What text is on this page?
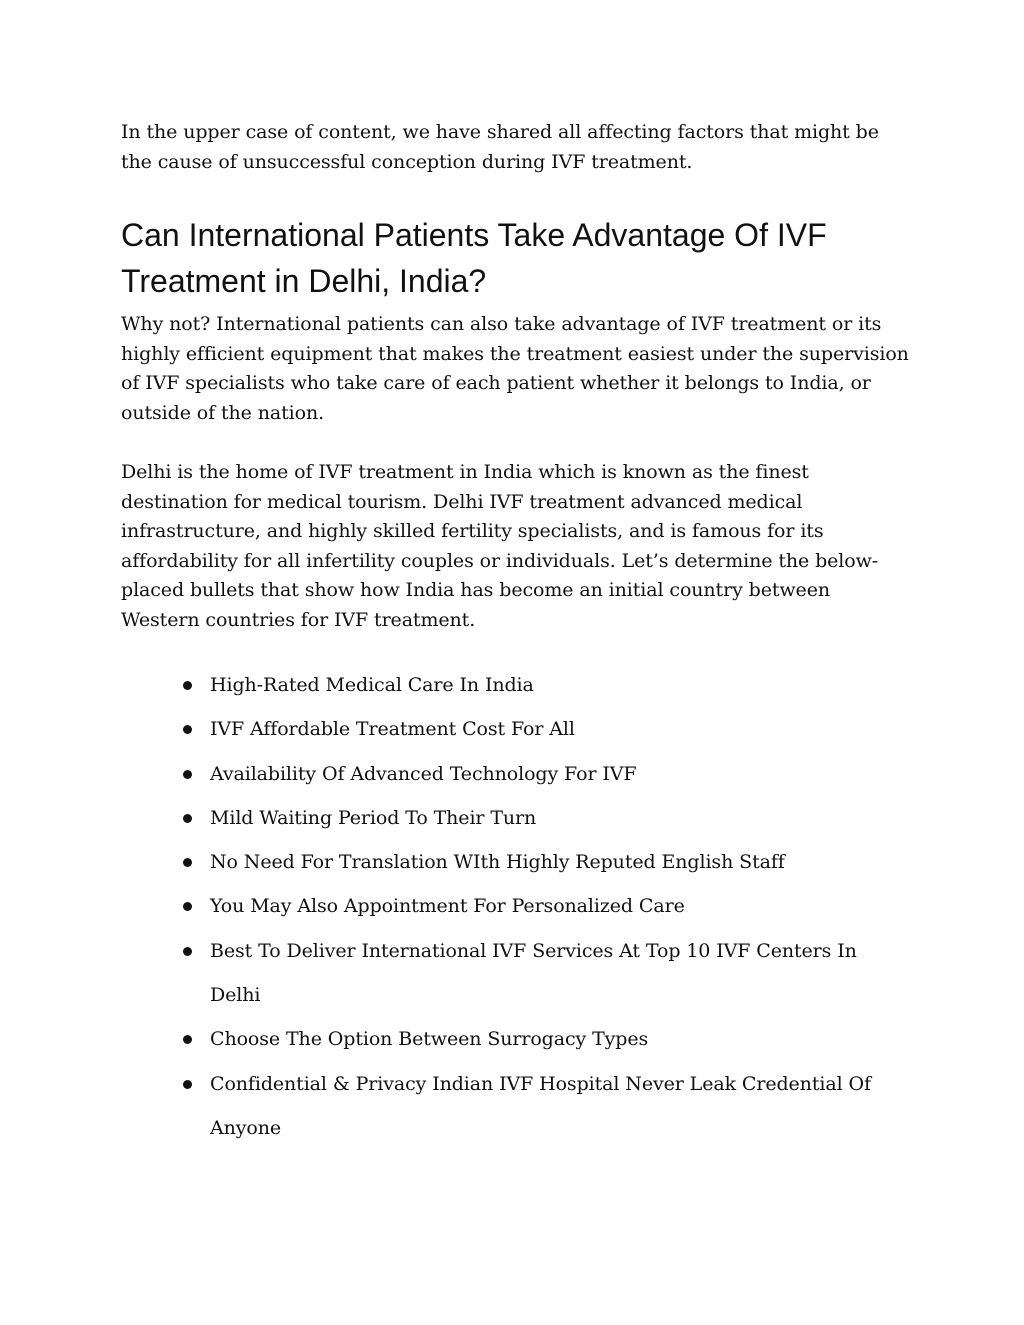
In the upper case of content, we have shared all affecting factors that might be the cause of unsuccessful conception during IVF treatment.

Can International Patients Take Advantage Of IVF Treatment in Delhi, India?

Why not? International patients can also take advantage of IVF treatment or its highly efficient equipment that makes the treatment easiest under the supervision of IVF specialists who take care of each patient whether it belongs to India, or outside of the nation.

Delhi is the home of IVF treatment in India which is known as the finest destination for medical tourism. Delhi IVF treatment advanced medical infrastructure, and highly skilled fertility specialists, and is famous for its affordability for all infertility couples or individuals. Let’s determine the below-placed bullets that show how India has become an initial country between Western countries for IVF treatment.

High-Rated Medical Care In India
IVF Affordable Treatment Cost For All
Availability Of Advanced Technology For IVF
Mild Waiting Period To Their Turn
No Need For Translation WIth Highly Reputed English Staff
You May Also Appointment For Personalized Care
Best To Deliver International IVF Services At Top 10 IVF Centers In Delhi
Choose The Option Between Surrogacy Types
Confidential & Privacy Indian IVF Hospital Never Leak Credential Of Anyone
